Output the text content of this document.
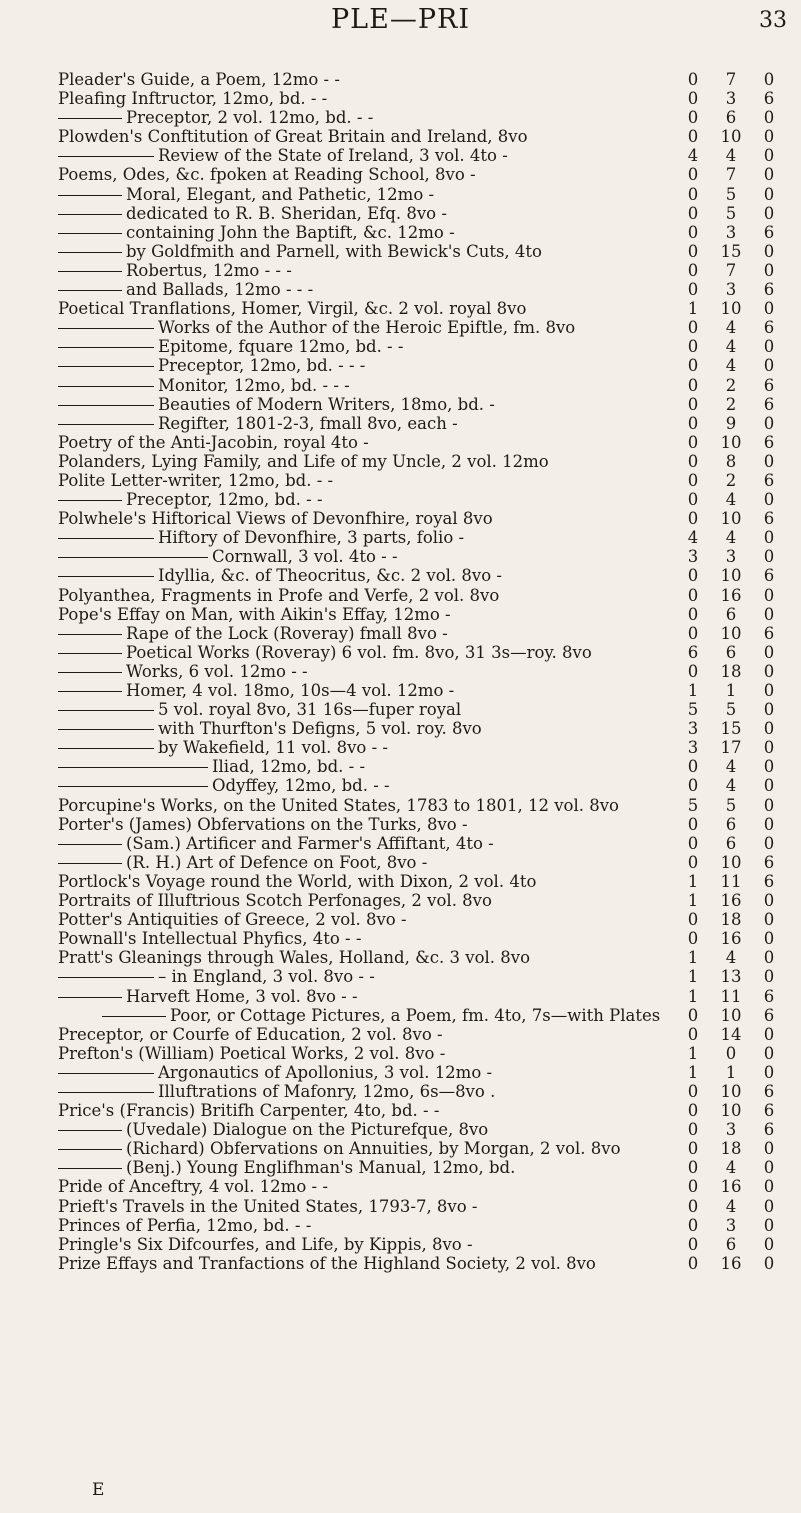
PLE—PRI	33
Pleader's Guide, a Poem, 12mo - -	0	7	0
Pleafing Inftructor, 12mo, bd. - -	0	3	6
Preceptor, 2 vol. 12mo, bd. - -	0	6	0
Plowden's Conftitution of Great Britain and Ireland, 8vo	0	10	0
Review of the State of Ireland, 3 vol. 4to -	4	4	0
Poems, Odes, &c. fpoken at Reading School, 8vo -	0	7	0
Moral, Elegant, and Pathetic, 12mo -	0	5	0
dedicated to R. B. Sheridan, Efq. 8vo -	0	5	0
containing John the Baptift, &c. 12mo -	0	3	6
by Goldfmith and Parnell, with Bewick's Cuts, 4to	0	15	0
Robertus, 12mo - - -	0	7	0
and Ballads, 12mo - - -	0	3	6
Poetical Tranflations, Homer, Virgil, &c. 2 vol. royal 8vo	1	10	0
Works of the Author of the Heroic Epiftle, fm. 8vo	0	4	6
Epitome, fquare 12mo, bd. - -	0	4	0
Preceptor, 12mo, bd. - - -	0	4	0
Monitor, 12mo, bd. - - -	0	2	6
Beauties of Modern Writers, 18mo, bd. -	0	2	6
Regifter, 1801-2-3, fmall 8vo, each -	0	9	0
Poetry of the Anti-Jacobin, royal 4to -	0	10	6
Polanders, Lying Family, and Life of my Uncle, 2 vol. 12mo	0	8	0
Polite Letter-writer, 12mo, bd. - -	0	2	6
Preceptor, 12mo, bd. - -	0	4	0
Polwhele's Hiftorical Views of Devonfhire, royal 8vo	0	10	6
Hiftory of Devonfhire, 3 parts, folio -	4	4	0
Cornwall, 3 vol. 4to - -	3	3	0
Idyllia, &c. of Theocritus, &c. 2 vol. 8vo -	0	10	6
Polyanthea, Fragments in Profe and Verfe, 2 vol. 8vo	0	16	0
Pope's Effay on Man, with Aikin's Effay, 12mo -	0	6	0
Rape of the Lock (Roveray) fmall 8vo -	0	10	6
Poetical Works (Roveray) 6 vol. fm. 8vo, 31 3s—roy. 8vo	6	6	0
Works, 6 vol. 12mo - -	0	18	0
Homer, 4 vol. 18mo, 10s—4 vol. 12mo -	1	1	0
5 vol. royal 8vo, 31 16s—fuper royal	5	5	0
with Thurfton's Defigns, 5 vol. roy. 8vo	3	15	0
by Wakefield, 11 vol. 8vo - -	3	17	0
Iliad, 12mo, bd. - -	0	4	0
Odyffey, 12mo, bd. - -	0	4	0
Porcupine's Works, on the United States, 1783 to 1801, 12 vol. 8vo	5	5	0
Porter's (James) Obfervations on the Turks, 8vo -	0	6	0
(Sam.) Artificer and Farmer's Affiftant, 4to -	0	6	0
(R. H.) Art of Defence on Foot, 8vo -	0	10	6
Portlock's Voyage round the World, with Dixon, 2 vol. 4to	1	11	6
Portraits of Illuftrious Scotch Perfonages, 2 vol. 8vo	1	16	0
Potter's Antiquities of Greece, 2 vol. 8vo -	0	18	0
Pownall's Intellectual Phyfics, 4to - -	0	16	0
Pratt's Gleanings through Wales, Holland, &c. 3 vol. 8vo	1	4	0
– in England, 3 vol. 8vo - -	1	13	0
Harveft Home, 3 vol. 8vo - -	1	11	6
Poor, or Cottage Pictures, a Poem, fm. 4to, 7s—with Plates	0	10	6
Preceptor, or Courfe of Education, 2 vol. 8vo -	0	14	0
Prefton's (William) Poetical Works, 2 vol. 8vo -	1	0	0
Argonautics of Apollonius, 3 vol. 12mo -	1	1	0
Illuftrations of Mafonry, 12mo, 6s—8vo .	0	10	6
Price's (Francis) Britifh Carpenter, 4to, bd. - -	0	10	6
(Uvedale) Dialogue on the Picturefque, 8vo	0	3	6
(Richard) Obfervations on Annuities, by Morgan, 2 vol. 8vo	0	18	0
(Benj.) Young Englifhman's Manual, 12mo, bd.	0	4	0
Pride of Anceftry, 4 vol. 12mo - -	0	16	0
Prieft's Travels in the United States, 1793-7, 8vo -	0	4	0
Princes of Perfia, 12mo, bd. - -	0	3	0
Pringle's Six Difcourfes, and Life, by Kippis, 8vo -	0	6	0
Prize Effays and Tranfactions of the Highland Society, 2 vol. 8vo	0	16	0
E
